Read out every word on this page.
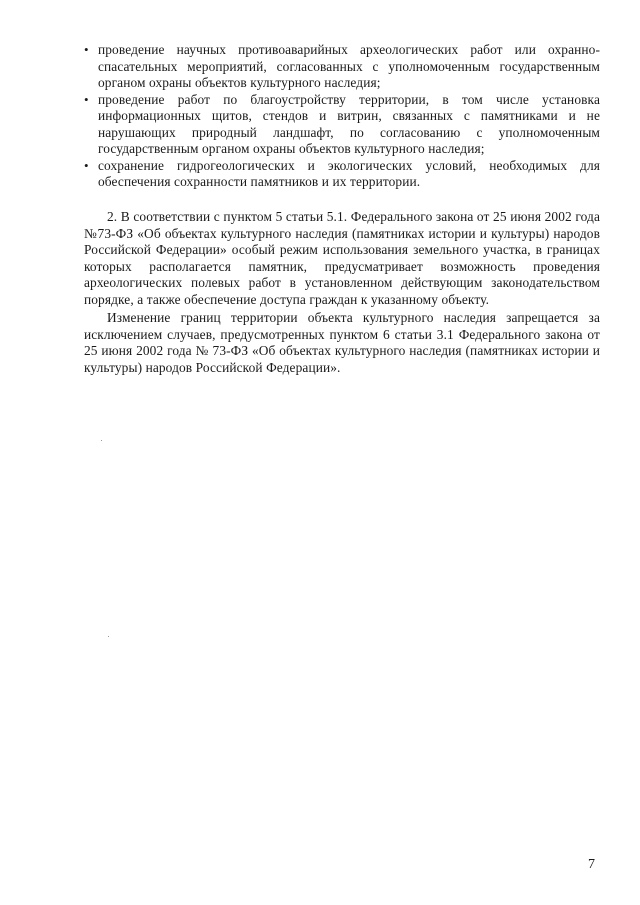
• проведение научных противоаварийных археологических работ или охранно-спасательных мероприятий, согласованных с уполномоченным государственным органом охраны объектов культурного наследия;
• проведение работ по благоустройству территории, в том числе установка информационных щитов, стендов и витрин, связанных с памятниками и не нарушающих природный ландшафт, по согласованию с уполномоченным государственным органом охраны объектов культурного наследия;
• сохранение гидрогеологических и экологических условий, необходимых для обеспечения сохранности памятников и их территории.

2. В соответствии с пунктом 5 статьи 5.1. Федерального закона от 25 июня 2002 года №73-ФЗ «Об объектах культурного наследия (памятниках истории и культуры) народов Российской Федерации» особый режим использования земельного участка, в границах которых располагается памятник, предусматривает возможность проведения археологических полевых работ в установленном действующим законодательством порядке, а также обеспечение доступа граждан к указанному объекту.

Изменение границ территории объекта культурного наследия запрещается за исключением случаев, предусмотренных пунктом 6 статьи 3.1 Федерального закона от 25 июня 2002 года № 73-ФЗ «Об объектах культурного наследия (памятниках истории и культуры) народов Российской Федерации».

7
